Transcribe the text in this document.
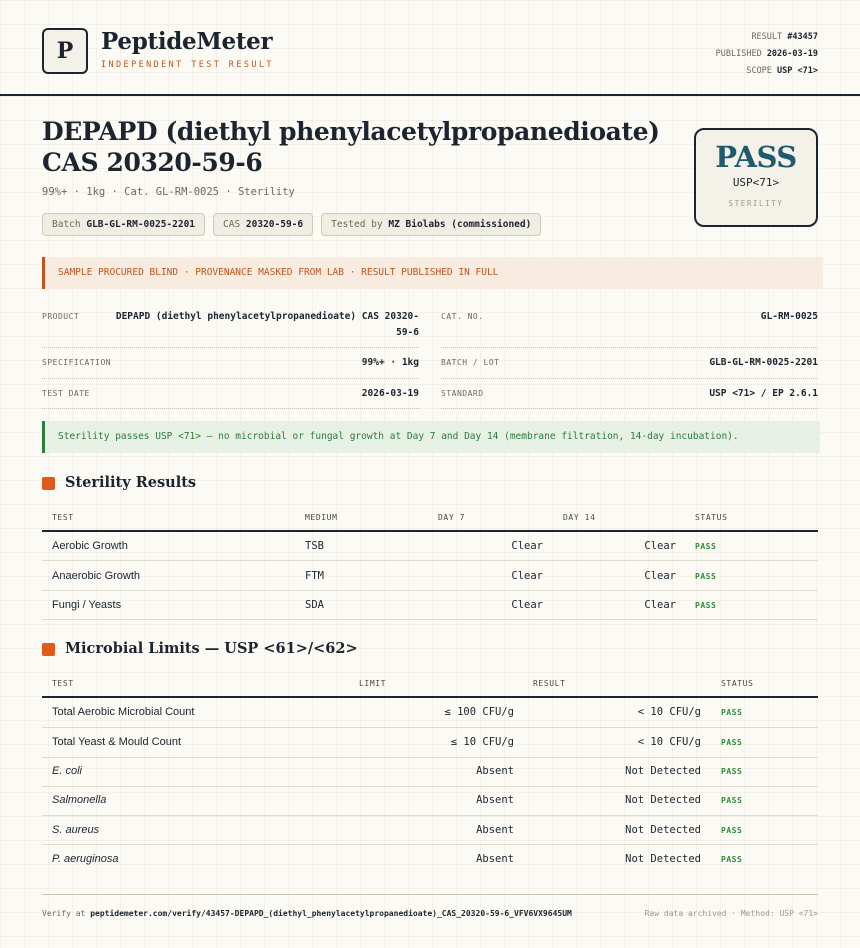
P	PeptideMeter
INDEPENDENT TEST RESULT
RESULT #43457
PUBLISHED 2026-03-19
SCOPE USP <71>
DEPAPD (diethyl phenylacetylpropanedioate)
CAS 20320-59-6
99%+ · 1kg · Cat. GL-RM-0025 · Sterility
Batch GLB-GL-RM-0025-2201	CAS 20320-59-6	Tested by MZ Biolabs (commissioned)
PASS
USP<71>
STERILITY
SAMPLE PROCURED BLIND · PROVENANCE MASKED FROM LAB · RESULT PUBLISHED IN FULL
PRODUCT	DEPAPD (diethyl phenylacetylpropanedioate) CAS 20320-
59-6
CAT. NO.	GL-RM-0025
SPECIFICATION	99%+ · 1kg	BATCH / LOT	GLB-GL-RM-0025-2201
TEST DATE	2026-03-19	STANDARD	USP <71> / EP 2.6.1
Sterility passes USP <71> — no microbial or fungal growth at Day 7 and Day 14 (membrane filtration, 14-day incubation).
Sterility Results
TEST	MEDIUM	DAY 7	DAY 14	STATUS
Aerobic Growth	TSB	Clear	Clear PASS
Anaerobic Growth	FTM	Clear	Clear PASS
Fungi / Yeasts	SDA	Clear	Clear PASS
Microbial Limits — USP <61>/<62>
TEST	LIMIT	RESULT	STATUS
Total Aerobic Microbial Count	≤ 100 CFU/g	< 10 CFU/g	PASS
Total Yeast & Mould Count	≤ 10 CFU/g	< 10 CFU/g	PASS
E. coli	Absent	Not Detected	PASS
Salmonella	Absent	Not Detected	PASS
S. aureus	Absent	Not Detected	PASS
P. aeruginosa	Absent	Not Detected	PASS
Verify at peptidemeter.com/verify/43457-DEPAPD_(diethyl_phenylacetylpropanedioate)_CAS_20320-59-6_VFV6VX9645UM	Raw data archived · Method: USP <71>
